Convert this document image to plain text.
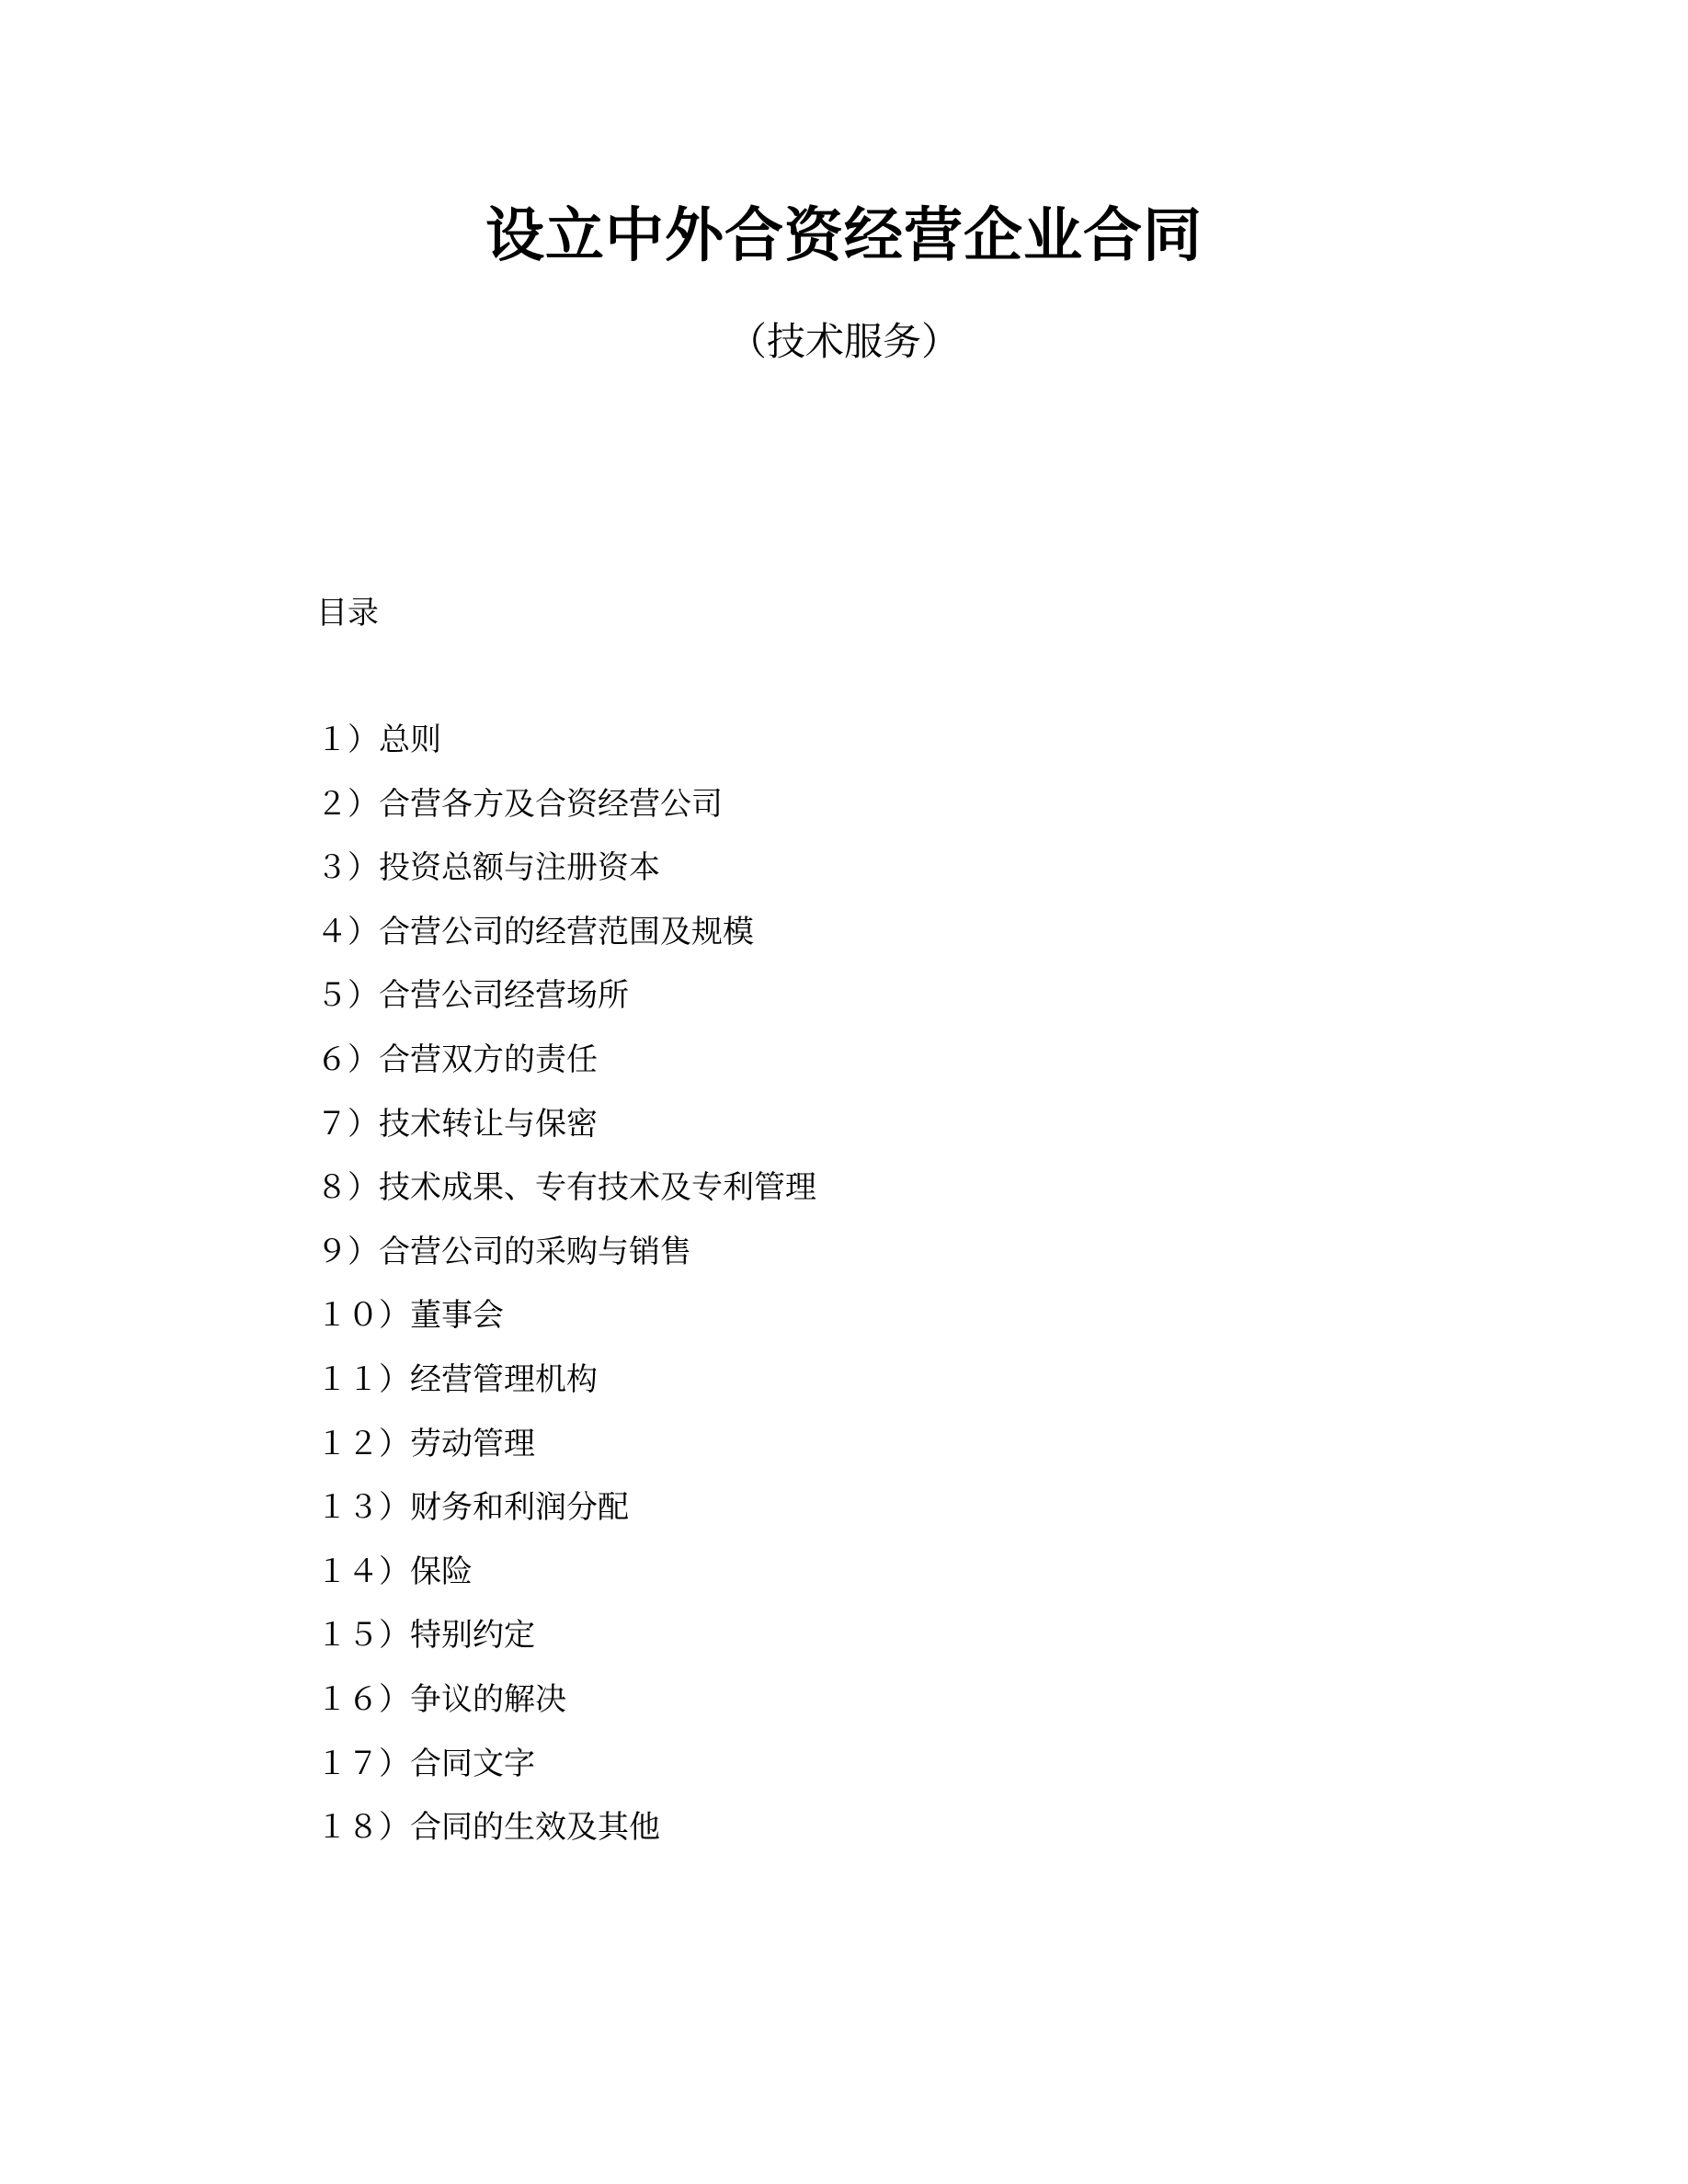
设立中外合资经营企业合同
（技术服务）
目录
１）总则
２）合营各方及合资经营公司
３）投资总额与注册资本
４）合营公司的经营范围及规模
５）合营公司经营场所
６）合营双方的责任
７）技术转让与保密
８）技术成果、专有技术及专利管理
９）合营公司的采购与销售
１０）董事会
１１）经营管理机构
１２）劳动管理
１３）财务和利润分配
１４）保险
１５）特别约定
１６）争议的解决
１７）合同文字
１８）合同的生效及其他
